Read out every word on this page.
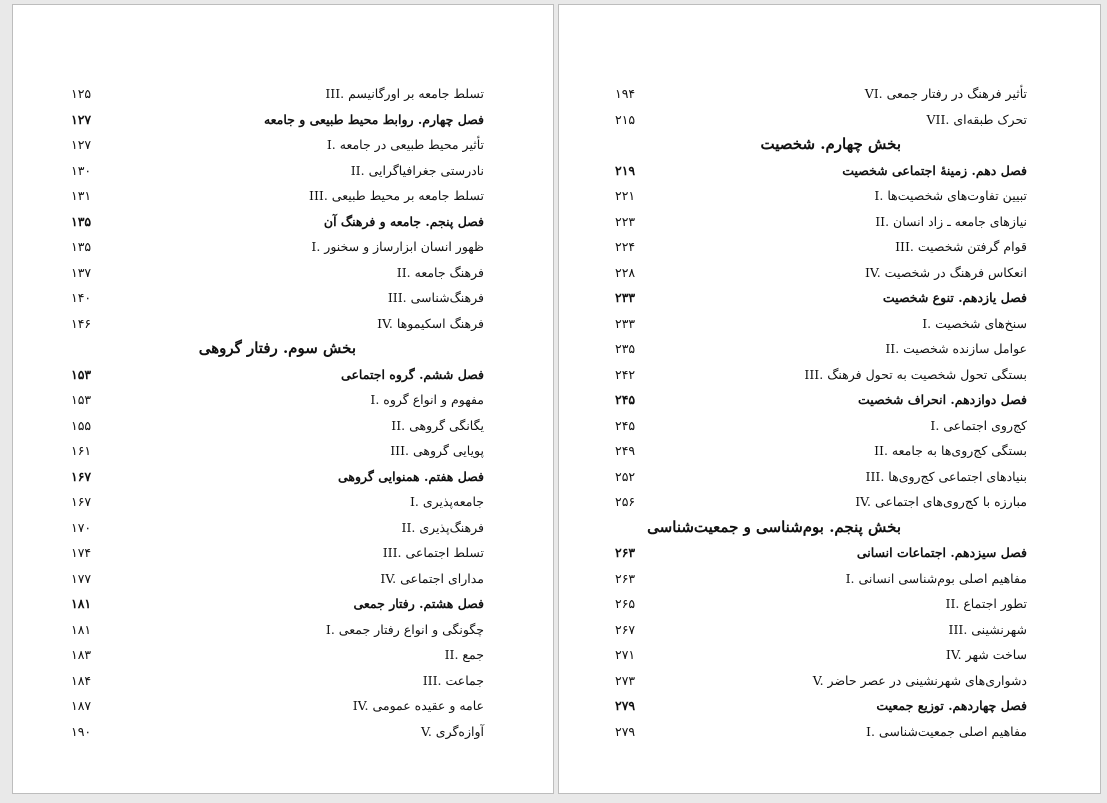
III. تسلط جامعه بر اورگانیسم
۱۲۵
فصل چهارم. روابط محیط طبیعی و جامعه
۱۲۷
I. تأثیر محیط طبیعی در جامعه
۱۲۷
II. نادرستی جغرافیاگرایی
۱۳۰
III. تسلط جامعه بر محیط طبیعی
۱۳۱
فصل پنجم. جامعه و فرهنگ آن
۱۳۵
I. ظهور انسان ابزارساز و سخنور
۱۳۵
II. فرهنگ جامعه
۱۳۷
III. فرهنگ‌شناسی
۱۴۰
IV. فرهنگ اسکیموها
۱۴۶
بخش سوم. رفتار گروهی
فصل ششم. گروه اجتماعی
۱۵۳
I. مفهوم و انواع گروه
۱۵۳
II. یگانگی گروهی
۱۵۵
III. پویایی گروهی
۱۶۱
فصل هفتم. همنوایی گروهی
۱۶۷
I. جامعه‌پذیری
۱۶۷
II. فرهنگ‌پذیری
۱۷۰
III. تسلط اجتماعی
۱۷۴
IV. مدارای اجتماعی
۱۷۷
فصل هشتم. رفتار جمعی
۱۸۱
I. چگونگی و انواع رفتار جمعی
۱۸۱
II. جمع
۱۸۳
III. جماعت
۱۸۴
IV. عامه و عقیده عمومی
۱۸۷
V. آوازه‌گری
۱۹۰
VI. تأثیر فرهنگ در رفتار جمعی
۱۹۴
VII. تحرک طبقه‌ای
۲۱۵
بخش چهارم. شخصیت
فصل دهم. زمینهٔ اجتماعی شخصیت
۲۱۹
I. تبیین تفاوت‌های شخصیت‌ها
۲۲۱
II. نیازهای جامعه ـ زاد انسان
۲۲۳
III. قوام گرفتن شخصیت
۲۲۴
IV. انعکاس فرهنگ در شخصیت
۲۲۸
فصل یازدهم. تنوع شخصیت
۲۳۳
I. سنخ‌های شخصیت
۲۳۳
II. عوامل سازنده شخصیت
۲۳۵
III. بستگی تحول شخصیت به تحول فرهنگ
۲۴۲
فصل دوازدهم. انحراف شخصیت
۲۴۵
I. کج‌روی اجتماعی
۲۴۵
II. بستگی کج‌روی‌ها به جامعه
۲۴۹
III. بنیادهای اجتماعی کج‌روی‌ها
۲۵۲
IV. مبارزه با کج‌روی‌های اجتماعی
۲۵۶
بخش پنجم. بوم‌شناسی و جمعیت‌شناسی
فصل سیزدهم. اجتماعات انسانی
۲۶۳
I. مفاهیم اصلی بوم‌شناسی انسانی
۲۶۳
II. تطور اجتماع
۲۶۵
III. شهرنشینی
۲۶۷
IV. ساخت شهر
۲۷۱
V. دشواری‌های شهرنشینی در عصر حاضر
۲۷۳
فصل چهاردهم. توزیع جمعیت
۲۷۹
I. مفاهیم اصلی جمعیت‌شناسی
۲۷۹
